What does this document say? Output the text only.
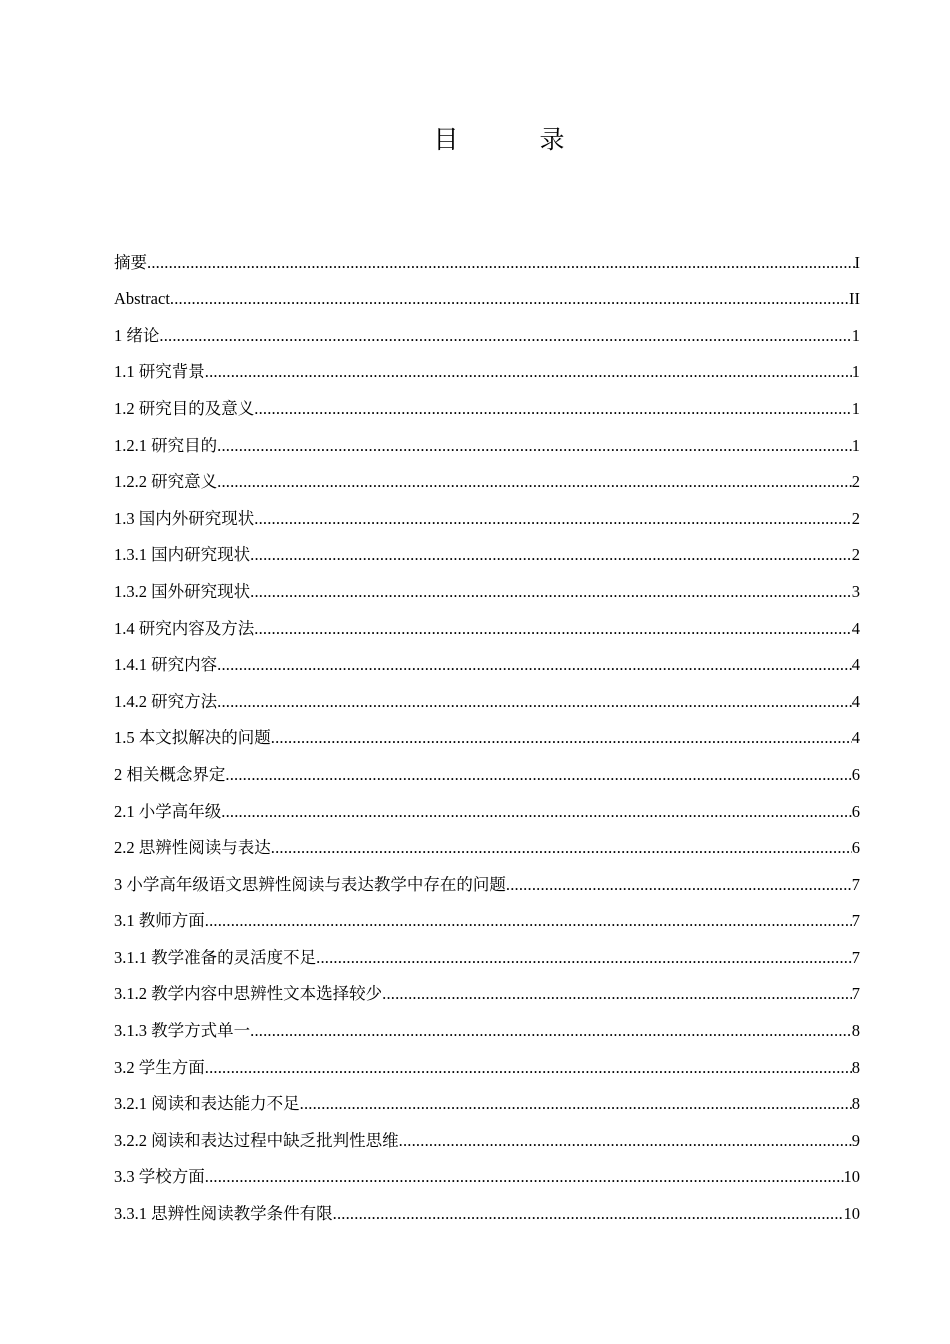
目　录
摘要 .....	I
Abstract .....	II
1 绪论 .....	1
1.1 研究背景 .....	1
1.2 研究目的及意义 .....	1
1.2.1 研究目的 .....	1
1.2.2 研究意义 .....	2
1.3 国内外研究现状 .....	2
1.3.1 国内研究现状 .....	2
1.3.2 国外研究现状 .....	3
1.4 研究内容及方法 .....	4
1.4.1 研究内容 .....	4
1.4.2 研究方法 .....	4
1.5 本文拟解决的问题 .....	4
2 相关概念界定 .....	6
2.1 小学高年级 .....	6
2.2 思辨性阅读与表达 .....	6
3 小学高年级语文思辨性阅读与表达教学中存在的问题 .....	7
3.1 教师方面 .....	7
3.1.1 教学准备的灵活度不足 .....	7
3.1.2 教学内容中思辨性文本选择较少 .....	7
3.1.3 教学方式单一 .....	8
3.2 学生方面 .....	8
3.2.1 阅读和表达能力不足 .....	8
3.2.2 阅读和表达过程中缺乏批判性思维 .....	9
3.3 学校方面 .....	10
3.3.1 思辨性阅读教学条件有限 .....	10
